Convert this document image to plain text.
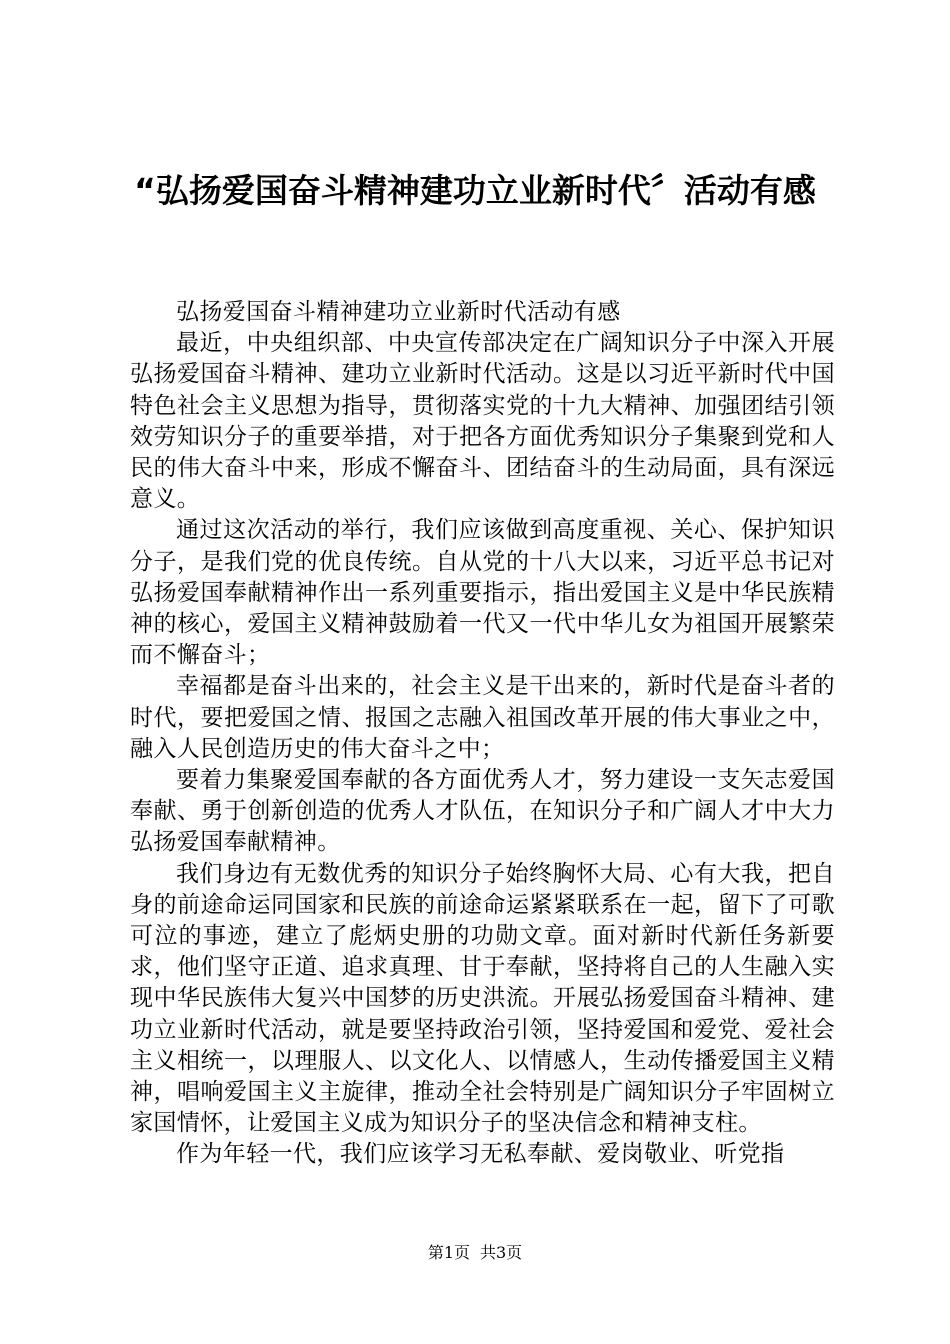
“弘扬爱国奋斗精神建功立业新时代〞活动有感

弘扬爱国奋斗精神建功立业新时代活动有感

最近，中央组织部、中央宣传部决定在广阔知识分子中深入开展弘扬爱国奋斗精神、建功立业新时代活动。这是以习近平新时代中国特色社会主义思想为指导，贯彻落实党的十九大精神、加强团结引领效劳知识分子的重要举措，对于把各方面优秀知识分子集聚到党和人民的伟大奋斗中来，形成不懈奋斗、团结奋斗的生动局面，具有深远意义。

通过这次活动的举行，我们应该做到高度重视、关心、保护知识分子，是我们党的优良传统。自从党的十八大以来，习近平总书记对弘扬爱国奉献精神作出一系列重要指示，指出爱国主义是中华民族精神的核心，爱国主义精神鼓励着一代又一代中华儿女为祖国开展繁荣而不懈奋斗；

幸福都是奋斗出来的，社会主义是干出来的，新时代是奋斗者的时代，要把爱国之情、报国之志融入祖国改革开展的伟大事业之中，融入人民创造历史的伟大奋斗之中；

要着力集聚爱国奉献的各方面优秀人才，努力建设一支矢志爱国奉献、勇于创新创造的优秀人才队伍，在知识分子和广阔人才中大力弘扬爱国奉献精神。

我们身边有无数优秀的知识分子始终胸怀大局、心有大我，把自身的前途命运同国家和民族的前途命运紧紧联系在一起，留下了可歌可泣的事迹，建立了彪炳史册的功勋文章。面对新时代新任务新要求，他们坚守正道、追求真理、甘于奉献，坚持将自己的人生融入实现中华民族伟大复兴中国梦的历史洪流。开展弘扬爱国奋斗精神、建功立业新时代活动，就是要坚持政治引领，坚持爱国和爱党、爱社会主义相统一，以理服人、以文化人、以情感人，生动传播爱国主义精神，唱响爱国主义主旋律，推动全社会特别是广阔知识分子牢固树立家国情怀，让爱国主义成为知识分子的坚决信念和精神支柱。

作为年轻一代，我们应该学习无私奉献、爱岗敬业、听党指

第1页 共3页
